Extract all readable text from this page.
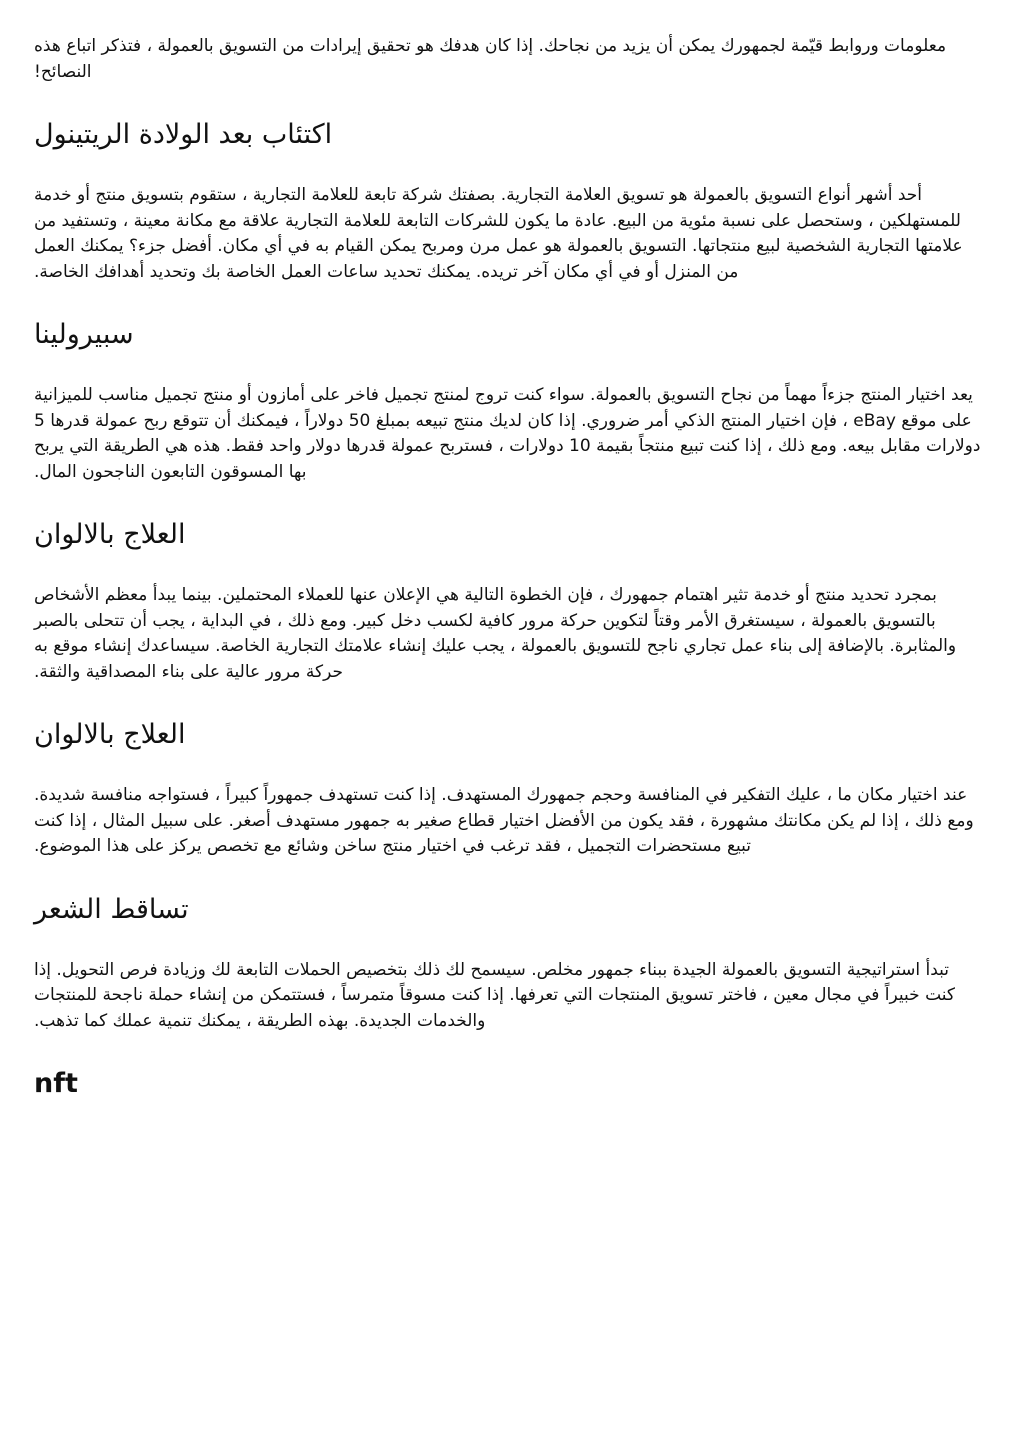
معلومات وروابط قيّمة لجمهورك يمكن أن يزيد من نجاحك. إذا كان هدفك هو تحقيق إيرادات من التسويق بالعمولة ، فتذكر اتباع هذه النصائح!

اكتئاب بعد الولادة الريتينول

أحد أشهر أنواع التسويق بالعمولة هو تسويق العلامة التجارية. بصفتك شركة تابعة للعلامة التجارية ، ستقوم بتسويق منتج أو خدمة للمستهلكين ، وستحصل على نسبة مئوية من البيع. عادة ما يكون للشركات التابعة للعلامة التجارية علاقة مع مكانة معينة ، وتستفيد من علامتها التجارية الشخصية لبيع منتجاتها. التسويق بالعمولة هو عمل مرن ومربح يمكن القيام به في أي مكان. أفضل جزء؟ يمكنك العمل من المنزل أو في أي مكان آخر تريده. يمكنك تحديد ساعات العمل الخاصة بك وتحديد أهدافك الخاصة.

سبيرولينا

يعد اختيار المنتج جزءاً مهماً من نجاح التسويق بالعمولة. سواء كنت تروج لمنتج تجميل فاخر على أمازون أو منتج تجميل مناسب للميزانية على موقع eBay ، فإن اختيار المنتج الذكي أمر ضروري. إذا كان لديك منتج تبيعه بمبلغ 50 دولاراً ، فيمكنك أن تتوقع ربح عمولة قدرها 5 دولارات مقابل بيعه. ومع ذلك ، إذا كنت تبيع منتجاً بقيمة 10 دولارات ، فستربح عمولة قدرها دولار واحد فقط. هذه هي الطريقة التي يربح بها المسوقون التابعون الناجحون المال.

العلاج بالالوان

بمجرد تحديد منتج أو خدمة تثير اهتمام جمهورك ، فإن الخطوة التالية هي الإعلان عنها للعملاء المحتملين. بينما يبدأ معظم الأشخاص بالتسويق بالعمولة ، سيستغرق الأمر وقتاً لتكوين حركة مرور كافية لكسب دخل كبير. ومع ذلك ، في البداية ، يجب أن تتحلى بالصبر والمثابرة. بالإضافة إلى بناء عمل تجاري ناجح للتسويق بالعمولة ، يجب عليك إنشاء علامتك التجارية الخاصة. سيساعدك إنشاء موقع به حركة مرور عالية على بناء المصداقية والثقة.

العلاج بالالوان

عند اختيار مكان ما ، عليك التفكير في المنافسة وحجم جمهورك المستهدف. إذا كنت تستهدف جمهوراً كبيراً ، فستواجه منافسة شديدة. ومع ذلك ، إذا لم يكن مكانتك مشهورة ، فقد يكون من الأفضل اختيار قطاع صغير به جمهور مستهدف أصغر. على سبيل المثال ، إذا كنت تبيع مستحضرات التجميل ، فقد ترغب في اختيار منتج ساخن وشائع مع تخصص يركز على هذا الموضوع.

تساقط الشعر

تبدأ استراتيجية التسويق بالعمولة الجيدة ببناء جمهور مخلص. سيسمح لك ذلك بتخصيص الحملات التابعة لك وزيادة فرص التحويل. إذا كنت خبيراً في مجال معين ، فاختر تسويق المنتجات التي تعرفها. إذا كنت مسوقاً متمرساً ، فستتمكن من إنشاء حملة ناجحة للمنتجات والخدمات الجديدة. بهذه الطريقة ، يمكنك تنمية عملك كما تذهب.

nft
